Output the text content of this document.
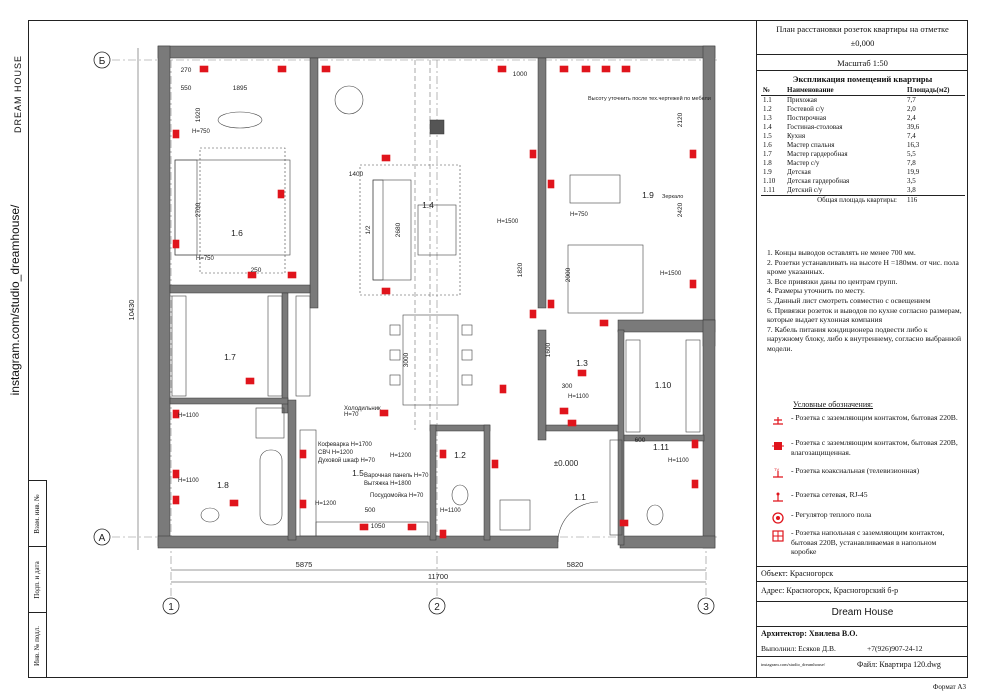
DREAM HOUSE
instagram.com/studio_dreamhouse/
Взам. инв. №
Подп. и дата
Инв. № подл.
Б
А
1	2	3
5875	5820
11700
10430
1.1
1.2
1.3
1.4
1.5
1.6
1.7
1.8
1.9
1.10
1.11
±0.000
Холодильник
H=70
Кофеварка H=1700
СВЧ H=1200
Духовой шкаф H=70
Варочная панель H=70
Вытяжка H=1800
Посудомойка H=70
Высоту уточнить после тех.чертежей по мебели
Зеркало
H=750
H=750
H=1500
H=1500
H=750
H=1100
H=1100
H=1200
H=1200
H=1100
H=1100
H=1100
270
550	1895
1920
2700
1400
1/2	2680
3000
1820	2000
2120
2420
600
300
250
1000
500
1050
1600
План расстановки розеток квартиры на отметке
±0,000
Масштаб 1:50
Экспликация помещений квартиры
№	Наименование	Площадь(м2)
1.1	Прихожая	7,7
1.2	Гостевой с/у	2,0
1.3	Постирочная	2,4
1.4	Гостиная-столовая	39,6
1.5	Кухня	7,4
1.6	Мастер спальня	16,3
1.7	Мастер гардеробная	5,5
1.8	Мастер с/у	7,8
1.9	Детская	19,9
1.10	Детская гардеробная	3,5
1.11	Детский с/у	3,8
Общая площадь квартиры:		116
1. Концы выводов оставлять не менее 700 мм.
2. Розетки устанавливать на высоте H =180мм. от чис. пола кроме указанных.
3. Все привязки даны по центрам групп.
4. Размеры уточнить по месту.
5. Данный лист смотреть совместно с освещением
6. Привязки розеток и выводов по кухне согласно размерам, которые выдает кухонная компания
7. Кабель питания кондиционера подвести либо к наружному блоку, либо к внутреннему, согласно выбранной модели.
Условные обозначения:
- Розетка с заземляющим контактом, бытовая 220В.
- Розетка с заземляющим контактом, бытовая 220В, влагозащищенная.
TV - Розетка коаксиальная (телевизионная)
- Розетка сетевая, RJ-45
- Регулятор теплого пола
- Розетка напольная с заземляющим контактом, бытовая 220В, устанавливаемая в напольном коробке
Объект: Красногорск
Адрес: Красногорск, Красногорский б-р
Dream House
Архитектор: Хвилева В.О.
Выполнил: Есяков Д.В.	+7(926)907-24-12
instagram.com/studio_dreamhouse/	Файл: Квартира 120.dwg
Формат А3
